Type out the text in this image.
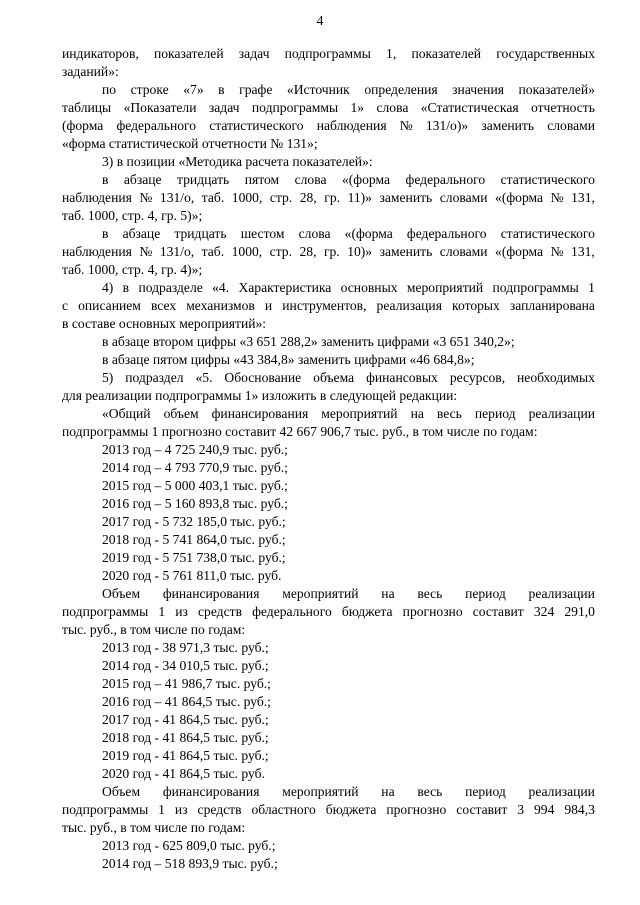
4
индикаторов, показателей задач подпрограммы 1, показателей государственных
заданий»:
по строке «7» в графе «Источник определения значения показателей»
таблицы «Показатели задач подпрограммы 1» слова «Статистическая отчетность
(форма федерального статистического наблюдения № 131/о)» заменить словами
«форма статистической отчетности № 131»;
3) в позиции «Методика расчета показателей»:
в абзаце тридцать пятом слова «(форма федерального статистического
наблюдения № 131/о, таб. 1000, стр. 28, гр. 11)» заменить словами «(форма № 131,
таб. 1000, стр. 4, гр. 5)»;
в абзаце тридцать шестом слова «(форма федерального статистического
наблюдения № 131/о, таб. 1000, стр. 28, гр. 10)» заменить словами «(форма № 131,
таб. 1000, стр. 4, гр. 4)»;
4) в подразделе «4. Характеристика основных мероприятий подпрограммы 1
с описанием всех механизмов и инструментов, реализация которых запланирована
в составе основных мероприятий»:
в абзаце втором цифры «3 651 288,2» заменить цифрами «3 651 340,2»;
в абзаце пятом цифры «43 384,8» заменить цифрами «46 684,8»;
5) подраздел «5. Обоснование объема финансовых ресурсов, необходимых
для реализации подпрограммы 1» изложить в следующей редакции:
«Общий объем финансирования мероприятий на весь период реализации
подпрограммы 1 прогнозно составит 42 667 906,7 тыс. руб., в том числе по годам:
2013 год – 4 725 240,9 тыс. руб.;
2014 год – 4 793 770,9 тыс. руб.;
2015 год – 5 000 403,1 тыс. руб.;
2016 год – 5 160 893,8 тыс. руб.;
2017 год - 5 732 185,0 тыс. руб.;
2018 год - 5 741 864,0 тыс. руб.;
2019 год - 5 751 738,0 тыс. руб.;
2020 год - 5 761 811,0 тыс. руб.
Объем финансирования мероприятий на весь период реализации
подпрограммы 1 из средств федерального бюджета прогнозно составит 324 291,0
тыс. руб., в том числе по годам:
2013 год - 38 971,3 тыс. руб.;
2014 год - 34 010,5 тыс. руб.;
2015 год – 41 986,7 тыс. руб.;
2016 год – 41 864,5 тыс. руб.;
2017 год - 41 864,5 тыс. руб.;
2018 год - 41 864,5 тыс. руб.;
2019 год - 41 864,5 тыс. руб.;
2020 год - 41 864,5 тыс. руб.
Объем финансирования мероприятий на весь период реализации
подпрограммы 1 из средств областного бюджета прогнозно составит 3 994 984,3
тыс. руб., в том числе по годам:
2013 год - 625 809,0 тыс. руб.;
2014 год – 518 893,9 тыс. руб.;
